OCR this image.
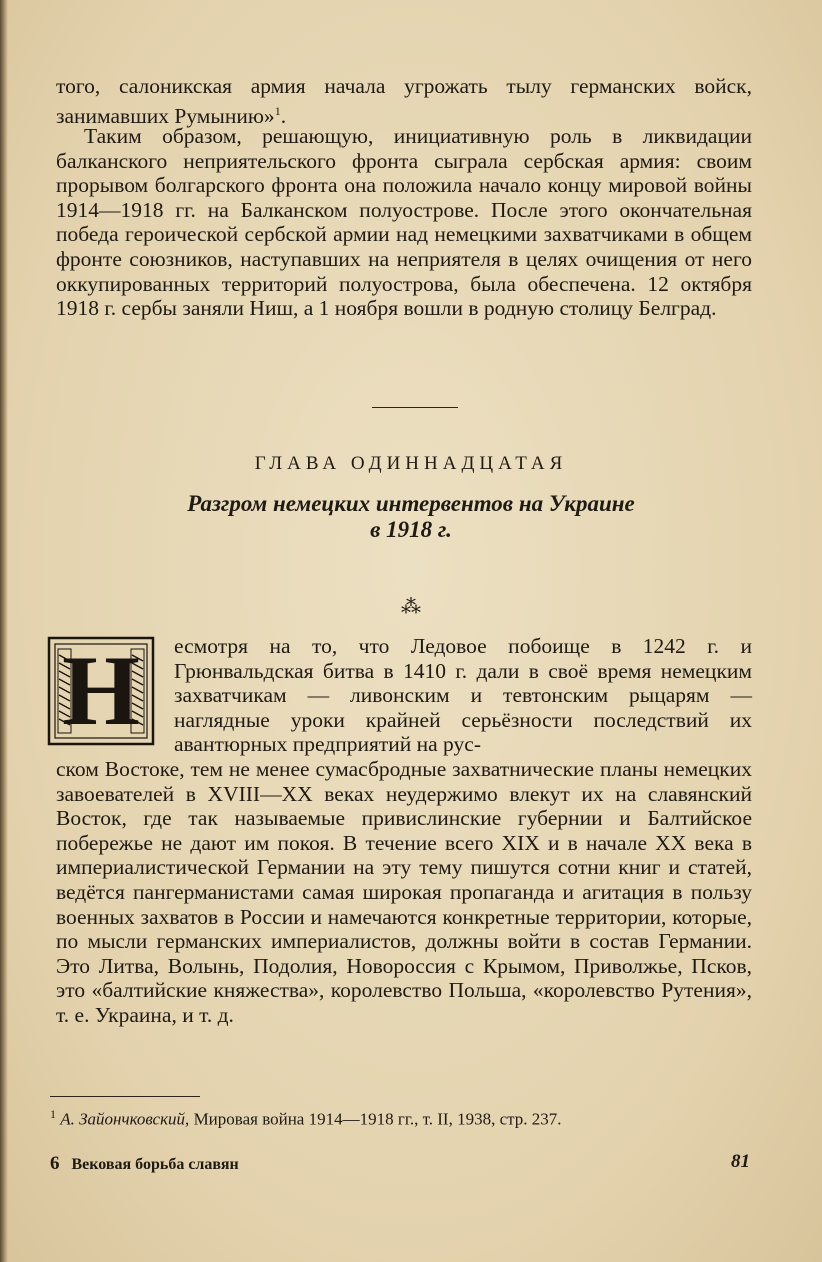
того, салоникская армия начала угрожать тылу германских войск, занимавших Румынию»$^1$.

Таким образом, решающую, инициативную роль в ликвидации балканского неприятельского фронта сыграла сербская армия: своим прорывом болгарского фронта она положила начало концу мировой войны 1914—1918 гг. на Балканском полуострове. После этого окончательная победа героической сербской армии над немецкими захватчиками в общем фронте союзников, наступавших на неприятеля в целях очищения от него оккупированных территорий полуострова, была обеспечена. 12 октября 1918 г. сербы заняли Ниш, а 1 ноября вошли в родную столицу Белград.

ГЛАВА ОДИННАДЦАТАЯ

Разгром немецких интервентов на Украине
в 1918 г.

⁂
Н	есмотря на то, что Ледовое побоище в 1242 г. и Грюнвальдская битва в 1410 г. дали в своё время немецким захватчикам — ливонским и тевтонским рыцарям — наглядные уроки крайней серьёзности последствий их авантюрных предприятий на рус-

ском Востоке, тем не менее сумасбродные захватнические планы немецких завоевателей в XVIII—XX веках неудержимо влекут их на славянский Восток, где так называемые привислинские губернии и Балтийское побережье не дают им покоя. В течение всего XIX и в начале XX века в империалистической Германии на эту тему пишутся сотни книг и статей, ведётся пангерманистами самая широкая пропаганда и агитация в пользу военных захватов в России и намечаются конкретные территории, которые, по мысли германских империалистов, должны войти в состав Германии. Это Литва, Волынь, Подолия, Новороссия с Крымом, Приволжье, Псков, это «балтийские княжества», королевство Польша, «королевство Рутения», т. е. Украина, и т. д.

$^1$ А. Зайончковский, Мировая война 1914—1918 гг., т. II, 1938, стр. 237.

6 Вековая борьба славян	81
